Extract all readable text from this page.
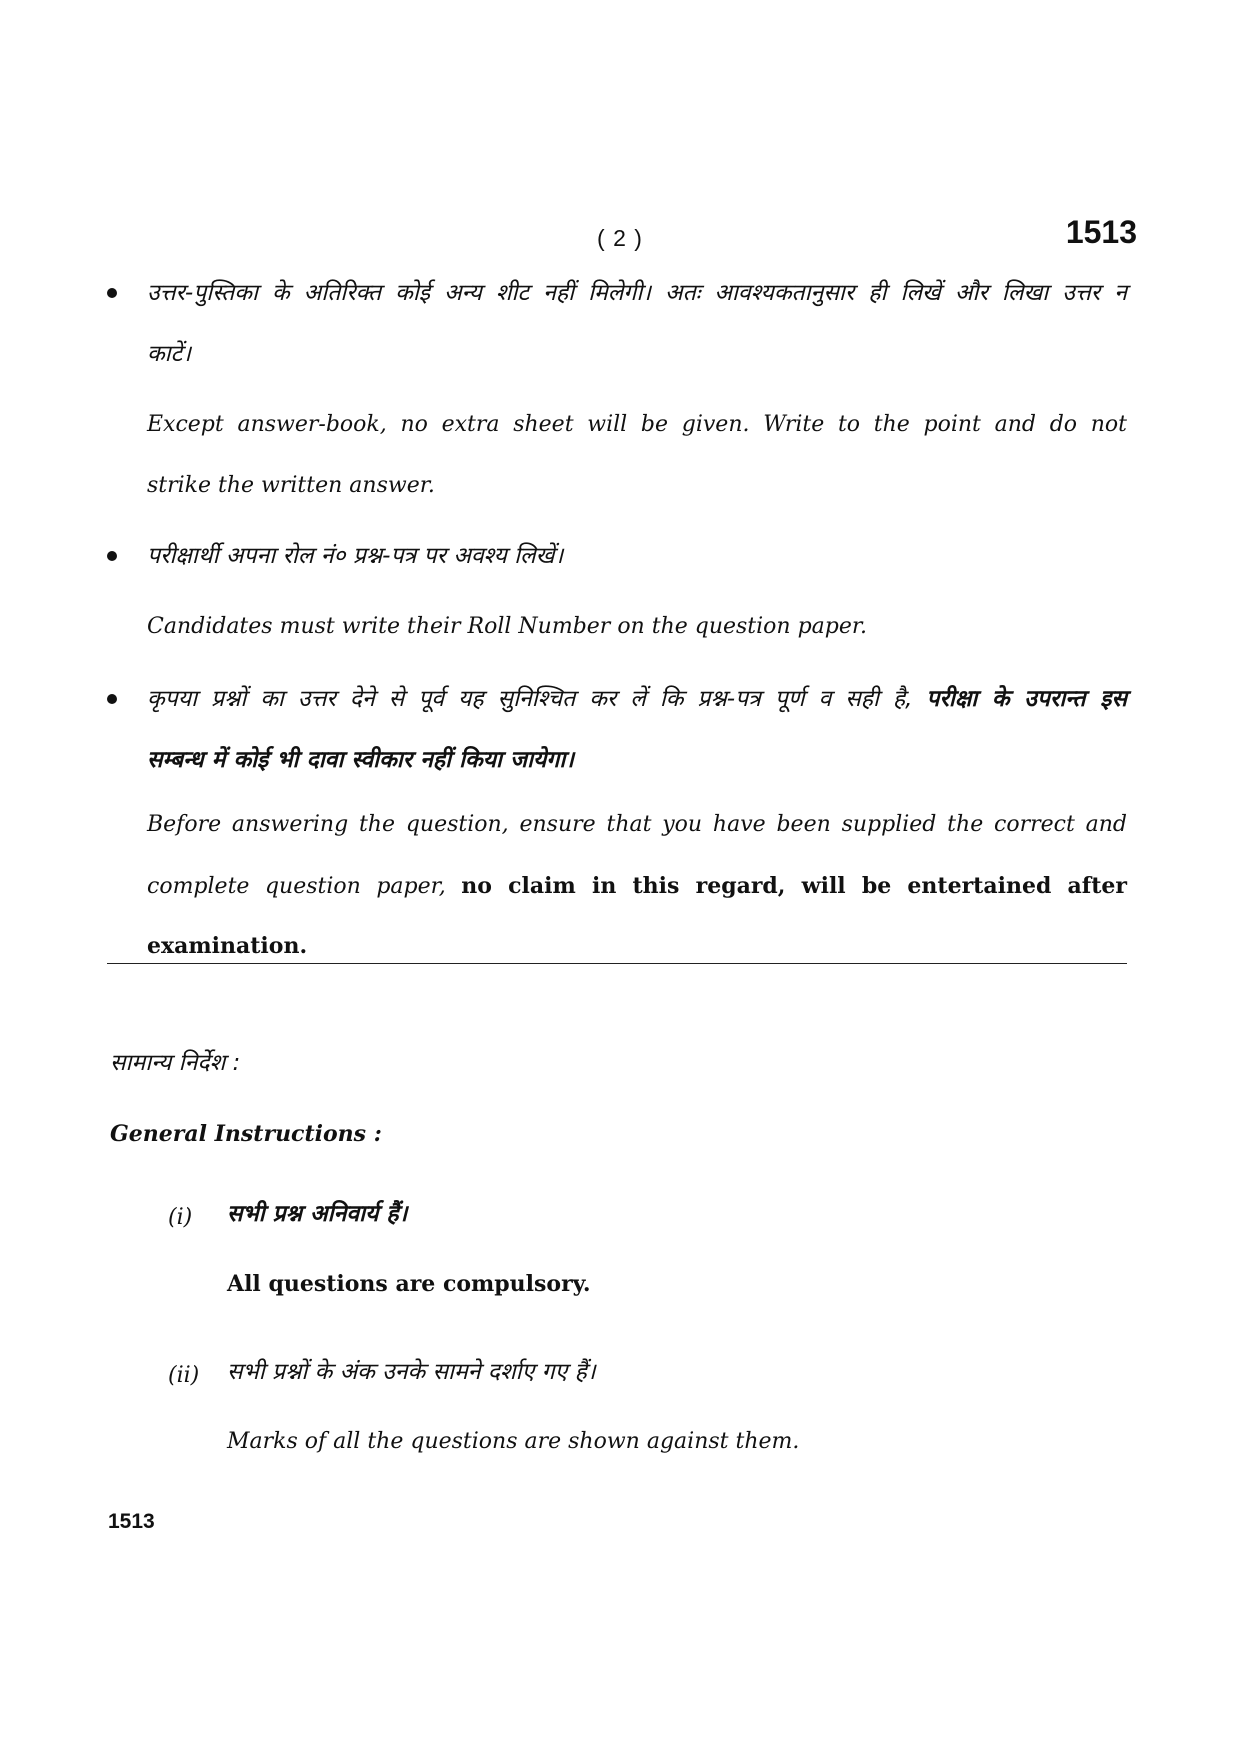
( 2 )	1513
उत्तर-पुस्तिका के अतिरिक्त कोई अन्य शीट नहीं मिलेगी। अतः आवश्यकतानुसार ही लिखें और लिखा उत्तर न
काटें।
Except answer-book, no extra sheet will be given. Write to the point and do not
strike the written answer.
परीक्षार्थी अपना रोल नं० प्रश्न-पत्र पर अवश्य लिखें।
Candidates must write their Roll Number on the question paper.
कृपया प्रश्नों का उत्तर देने से पूर्व यह सुनिश्चित कर लें कि प्रश्न-पत्र पूर्ण व सही है, परीक्षा के उपरान्त इस
सम्बन्ध में कोई भी दावा स्वीकार नहीं किया जायेगा।
Before answering the question, ensure that you have been supplied the correct and
complete question paper, no claim in this regard, will be entertained after
examination.
सामान्य निर्देश :
General Instructions :
(i) सभी प्रश्न अनिवार्य हैं।
All questions are compulsory.
(ii) सभी प्रश्नों के अंक उनके सामने दर्शाए गए हैं।
Marks of all the questions are shown against them.
1513
